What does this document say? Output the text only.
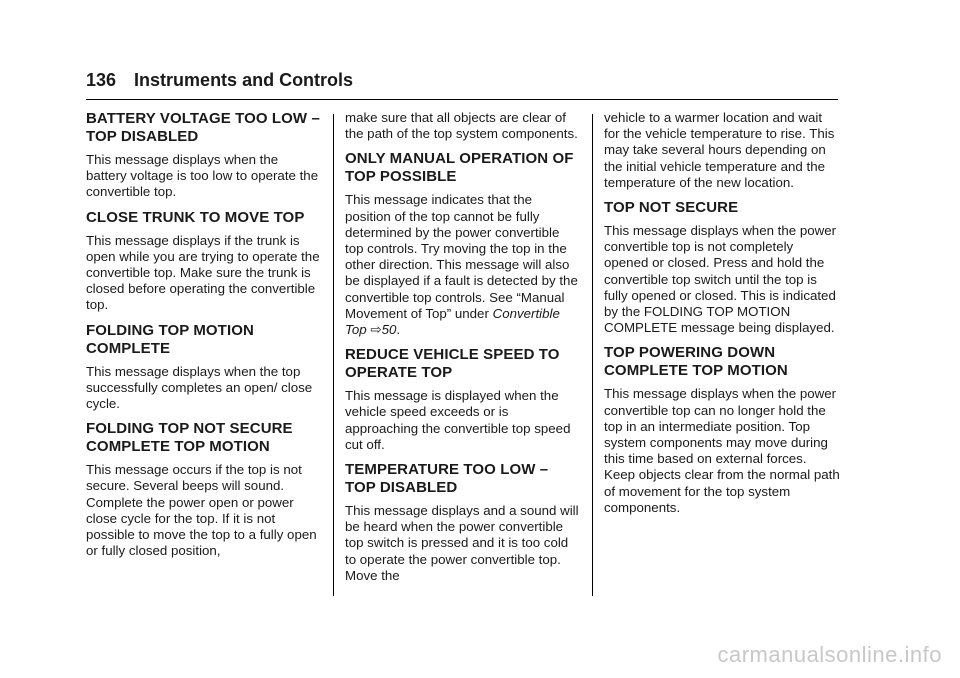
136 Instruments and Controls
BATTERY VOLTAGE TOO LOW – TOP DISABLED

This message displays when the battery voltage is too low to operate the convertible top.

CLOSE TRUNK TO MOVE TOP

This message displays if the trunk is open while you are trying to operate the convertible top. Make sure the trunk is closed before operating the convertible top.

FOLDING TOP MOTION COMPLETE

This message displays when the top successfully completes an open/ close cycle.

FOLDING TOP NOT SECURE COMPLETE TOP MOTION

This message occurs if the top is not secure. Several beeps will sound. Complete the power open or power close cycle for the top. If it is not possible to move the top to a fully open or fully closed position,

make sure that all objects are clear of the path of the top system components.

ONLY MANUAL OPERATION OF TOP POSSIBLE

This message indicates that the position of the top cannot be fully determined by the power convertible top controls. Try moving the top in the other direction. This message will also be displayed if a fault is detected by the convertible top controls. See “Manual Movement of Top” under Convertible Top ⇨50.

REDUCE VEHICLE SPEED TO OPERATE TOP

This message is displayed when the vehicle speed exceeds or is approaching the convertible top speed cut off.

TEMPERATURE TOO LOW – TOP DISABLED

This message displays and a sound will be heard when the power convertible top switch is pressed and it is too cold to operate the power convertible top. Move the

vehicle to a warmer location and wait for the vehicle temperature to rise. This may take several hours depending on the initial vehicle temperature and the temperature of the new location.

TOP NOT SECURE

This message displays when the power convertible top is not completely opened or closed. Press and hold the convertible top switch until the top is fully opened or closed. This is indicated by the FOLDING TOP MOTION COMPLETE message being displayed.

TOP POWERING DOWN COMPLETE TOP MOTION

This message displays when the power convertible top can no longer hold the top in an intermediate position. Top system components may move during this time based on external forces. Keep objects clear from the normal path of movement for the top system components.

carmanualsonline.info
